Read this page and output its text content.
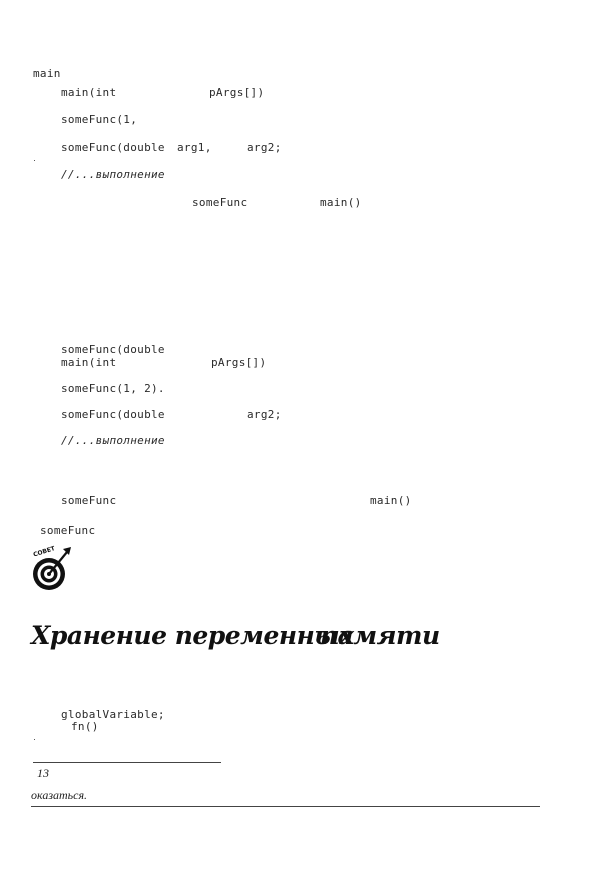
main
main(int	pArgs[])
someFunc(1,
someFunc(double arg1,	arg2;
//...выполнение
someFunc	main()
someFunc(double
main(int	pArgs[])
someFunc(1, 2).
someFunc(double	arg2;
//...выполнение
someFunc	main()
someFunc
COBET
Хранение переменных
памяти
globalVariable;
fn()
13
оказаться.
